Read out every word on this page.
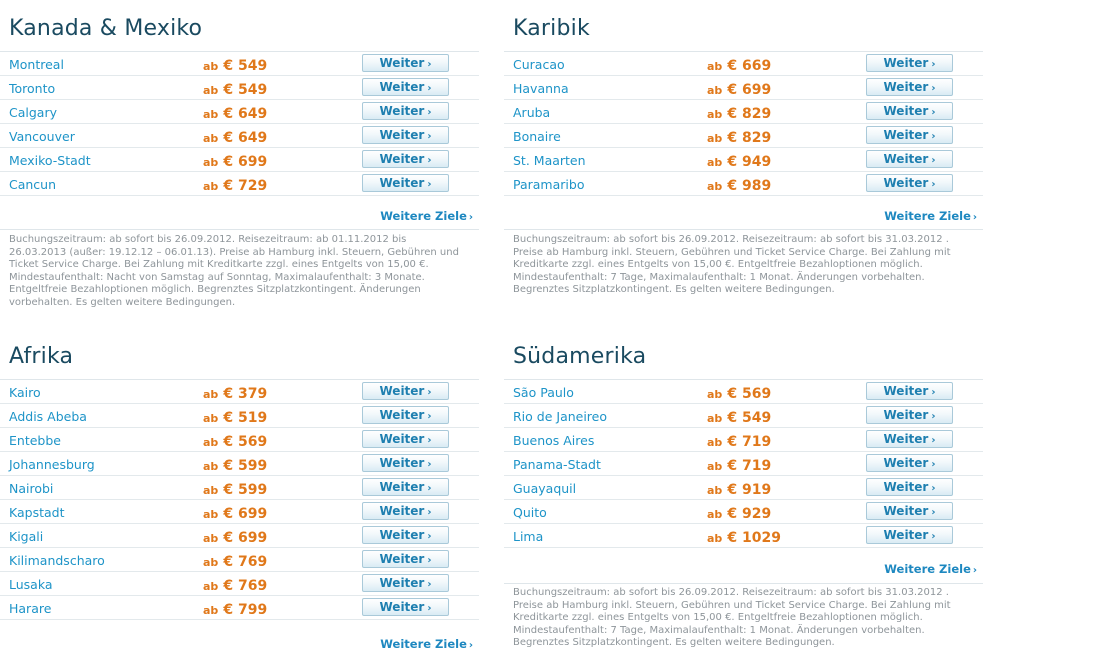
Kanada & Mexiko
Montreal	ab € 549	Weiter ›
Toronto	ab € 549	Weiter ›
Calgary	ab € 649	Weiter ›
Vancouver	ab € 649	Weiter ›
Mexiko-Stadt	ab € 699	Weiter ›
Cancun	ab € 729	Weiter ›
Weitere Ziele ›

Buchungszeitraum: ab sofort bis 26.09.2012. Reisezeitraum: ab 01.11.2012 bis 26.03.2013 (außer: 19.12.12 – 06.01.13). Preise ab Hamburg inkl. Steuern, Gebühren und Ticket Service Charge. Bei Zahlung mit Kreditkarte zzgl. eines Entgelts von 15,00 €. Mindestaufenthalt: Nacht von Samstag auf Sonntag, Maximalaufenthalt: 3 Monate. Entgeltfreie Bezahloptionen möglich. Begrenztes Sitzplatzkontingent. Änderungen vorbehalten. Es gelten weitere Bedingungen.

Karibik
Curacao	ab € 669	Weiter ›
Havanna	ab € 699	Weiter ›
Aruba	ab € 829	Weiter ›
Bonaire	ab € 829	Weiter ›
St. Maarten	ab € 949	Weiter ›
Paramaribo	ab € 989	Weiter ›
Weitere Ziele ›

Buchungszeitraum: ab sofort bis 26.09.2012. Reisezeitraum: ab sofort bis 31.03.2012 . Preise ab Hamburg inkl. Steuern, Gebühren und Ticket Service Charge. Bei Zahlung mit Kreditkarte zzgl. eines Entgelts von 15,00 €. Entgeltfreie Bezahloptionen möglich. Mindestaufenthalt: 7 Tage, Maximalaufenthalt: 1 Monat. Änderungen vorbehalten. Begrenztes Sitzplatzkontingent. Es gelten weitere Bedingungen.

Afrika
Kairo	ab € 379	Weiter ›
Addis Abeba	ab € 519	Weiter ›
Entebbe	ab € 569	Weiter ›
Johannesburg	ab € 599	Weiter ›
Nairobi	ab € 599	Weiter ›
Kapstadt	ab € 699	Weiter ›
Kigali	ab € 699	Weiter ›
Kilimandscharo	ab € 769	Weiter ›
Lusaka	ab € 769	Weiter ›
Harare	ab € 799	Weiter ›
Weitere Ziele ›
Südamerika
São Paulo	ab € 569	Weiter ›
Rio de Janeireo	ab € 549	Weiter ›
Buenos Aires	ab € 719	Weiter ›
Panama-Stadt	ab € 719	Weiter ›
Guayaquil	ab € 919	Weiter ›
Quito	ab € 929	Weiter ›
Lima	ab € 1029	Weiter ›
Weitere Ziele ›

Buchungszeitraum: ab sofort bis 26.09.2012. Reisezeitraum: ab sofort bis 31.03.2012 . Preise ab Hamburg inkl. Steuern, Gebühren und Ticket Service Charge. Bei Zahlung mit Kreditkarte zzgl. eines Entgelts von 15,00 €. Entgeltfreie Bezahloptionen möglich. Mindestaufenthalt: 7 Tage, Maximalaufenthalt: 1 Monat. Änderungen vorbehalten. Begrenztes Sitzplatzkontingent. Es gelten weitere Bedingungen.
